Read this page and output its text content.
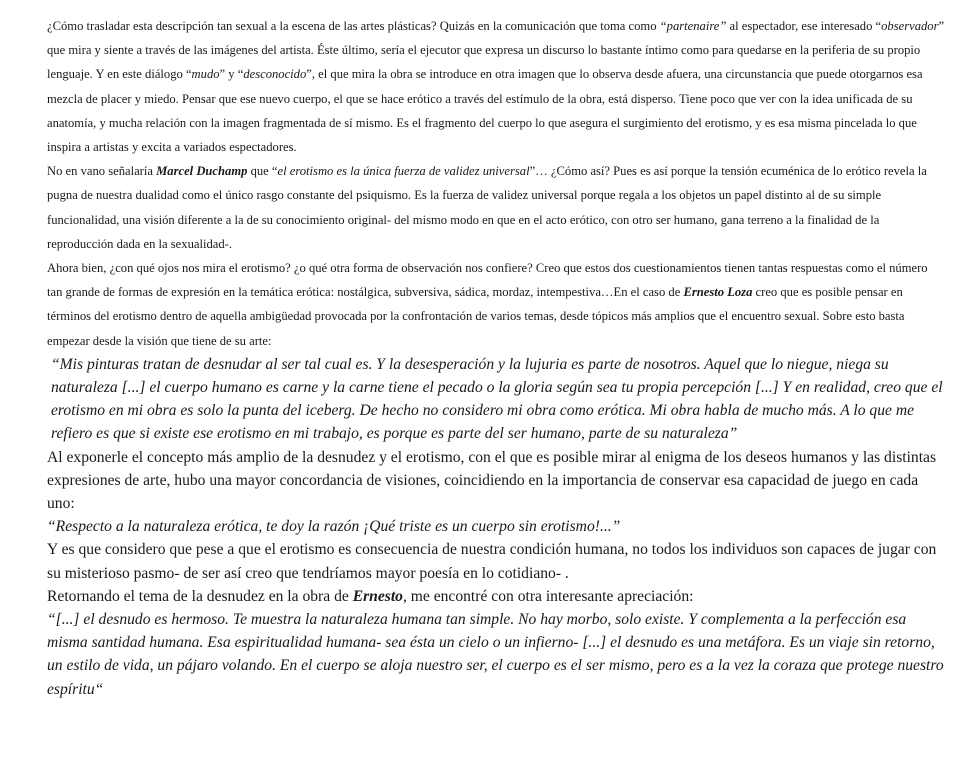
¿Cómo trasladar esta descripción tan sexual a la escena de las artes plásticas? Quizás en la comunicación que toma como “partenaire” al espectador, ese interesado “observador” que mira y siente a través de las imágenes del artista. Éste último, sería el ejecutor que expresa un discurso lo bastante íntimo como para quedarse en la periferia de su propio lenguaje. Y en este diálogo “mudo” y “desconocido”, el que mira la obra se introduce en otra imagen que lo observa desde afuera, una circunstancia que puede otorgarnos esa mezcla de placer y miedo. Pensar que ese nuevo cuerpo, el que se hace erótico a través del estímulo de la obra, está disperso. Tiene poco que ver con la idea unificada de su anatomía, y mucha relación con la imagen fragmentada de sí mismo. Es el fragmento del cuerpo lo que asegura el surgimiento del erotismo, y es esa misma pincelada lo que inspira a artistas y excita a variados espectadores.

No en vano señalaría Marcel Duchamp que “el erotismo es la única fuerza de validez universal”… ¿Cómo así? Pues es así porque la tensión ecuménica de lo erótico revela la pugna de nuestra dualidad como el único rasgo constante del psiquismo. Es la fuerza de validez universal porque regala a los objetos un papel distinto al de su simple funcionalidad, una visión diferente a la de su conocimiento original- del mismo modo en que en el acto erótico, con otro ser humano, gana terreno a la finalidad de la reproducción dada en la sexualidad-.

Ahora bien, ¿con qué ojos nos mira el erotismo? ¿o qué otra forma de observación nos confiere? Creo que estos dos cuestionamientos tienen tantas respuestas como el número tan grande de formas de expresión en la temática erótica: nostálgica, subversiva, sádica, mordaz, intempestiva…En el caso de Ernesto Loza creo que es posible pensar en términos del erotismo dentro de aquella ambigüedad provocada por la confrontación de varios temas, desde tópicos más amplios que el encuentro sexual. Sobre esto basta empezar desde la visión que tiene de su arte:

“Mis pinturas tratan de desnudar al ser tal cual es. Y la desesperación y la lujuria es parte de nosotros. Aquel que lo niegue, niega su naturaleza [...] el cuerpo humano es carne y la carne tiene el pecado o la gloria según sea tu propia percepción [...] Y en realidad, creo que el erotismo en mi obra es solo la punta del iceberg. De hecho no considero mi obra como erótica. Mi obra habla de mucho más. A lo que me refiero es que si existe ese erotismo en mi trabajo, es porque es parte del ser humano, parte de su naturaleza”

Al exponerle el concepto más amplio de la desnudez y el erotismo, con el que es posible mirar al enigma de los deseos humanos y las distintas expresiones de arte, hubo una mayor concordancia de visiones, coincidiendo en la importancia de conservar esa capacidad de juego en cada uno:

“Respecto a la naturaleza erótica, te doy la razón ¡Qué triste es un cuerpo sin erotismo!...”

Y es que considero que pese a que el erotismo es consecuencia de nuestra condición humana, no todos los individuos son capaces de jugar con su misterioso pasmo- de ser así creo que tendríamos mayor poesía en lo cotidiano- .

Retornando el tema de la desnudez en la obra de Ernesto, me encontré con otra interesante apreciación:

“[...] el desnudo es hermoso. Te muestra la naturaleza humana tan simple. No hay morbo, solo existe. Y complementa a la perfección esa misma santidad humana. Esa espiritualidad humana- sea ésta un cielo o un infierno- [...] el desnudo es una metáfora. Es un viaje sin retorno, un estilo de vida, un pájaro volando. En el cuerpo se aloja nuestro ser, el cuerpo es el ser mismo, pero es a la vez la coraza que protege nuestro espíritu“
